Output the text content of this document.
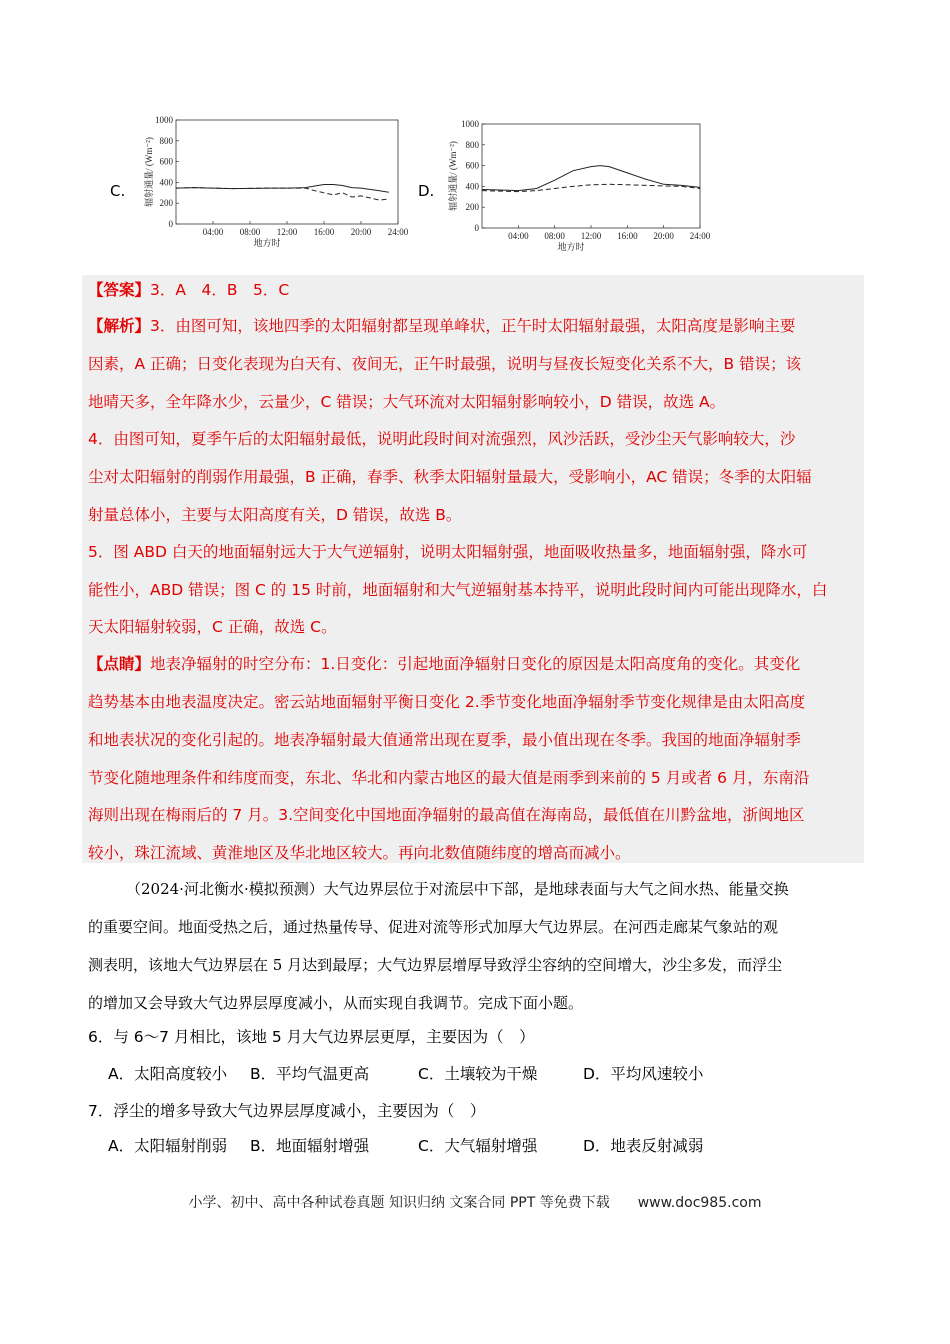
C.
0
200
400
600
800
1000
04:00 08:00 12:00 16:00 20:00 24:00
地方时
辐射通量/ (Wm⁻²)	D.
0
200
400
600
800
1000
04:00 08:00 12:00 16:00 20:00 24:00
地方时
辐射通量/ (Wm⁻²)
【答案】3．A　4．B　5．C
【解析】3．由图可知，该地四季的太阳辐射都呈现单峰状，正午时太阳辐射最强，太阳高度是影响主要
因素，A 正确；日变化表现为白天有、夜间无，正午时最强，说明与昼夜长短变化关系不大，B 错误；该
地晴天多，全年降水少，云量少，C 错误；大气环流对太阳辐射影响较小，D 错误，故选 A。
4．由图可知，夏季午后的太阳辐射最低，说明此段时间对流强烈，风沙活跃，受沙尘天气影响较大，沙
尘对太阳辐射的削弱作用最强，B 正确，春季、秋季太阳辐射量最大，受影响小，AC 错误；冬季的太阳辐
射量总体小，主要与太阳高度有关，D 错误，故选 B。
5．图 ABD 白天的地面辐射远大于大气逆辐射，说明太阳辐射强，地面吸收热量多，地面辐射强，降水可
能性小，ABD 错误；图 C 的 15 时前，地面辐射和大气逆辐射基本持平，说明此段时间内可能出现降水，白
天太阳辐射较弱，C 正确，故选 C。
【点睛】地表净辐射的时空分布：1.日变化：引起地面净辐射日变化的原因是太阳高度角的变化。其变化
趋势基本由地表温度决定。密云站地面辐射平衡日变化 2.季节变化地面净辐射季节变化规律是由太阳高度
和地表状况的变化引起的。地表净辐射最大值通常出现在夏季，最小值出现在冬季。我国的地面净辐射季
节变化随地理条件和纬度而变，东北、华北和内蒙古地区的最大值是雨季到来前的 5 月或者 6 月，东南沿
海则出现在梅雨后的 7 月。3.空间变化中国地面净辐射的最高值在海南岛，最低值在川黔盆地，浙闽地区
较小，珠江流域、黄淮地区及华北地区较大。再向北数值随纬度的增高而减小。
（2024·河北衡水·模拟预测）大气边界层位于对流层中下部，是地球表面与大气之间水热、能量交换
的重要空间。地面受热之后，通过热量传导、促进对流等形式加厚大气边界层。在河西走廊某气象站的观
测表明，该地大气边界层在 5 月达到最厚；大气边界层增厚导致浮尘容纳的空间增大，沙尘多发，而浮尘
的增加又会导致大气边界层厚度减小，从而实现自我调节。完成下面小题。
6．与 6～7 月相比，该地 5 月大气边界层更厚，主要因为（　）
A．太阳高度较小 B．平均气温更高	C．土壤较为干燥	D．平均风速较小
7．浮尘的增多导致大气边界层厚度减小，主要因为（　）
A．太阳辐射削弱 B．地面辐射增强	C．大气辐射增强	D．地表反射减弱
小学、初中、高中各种试卷真题 知识归纳 文案合同 PPT 等免费下载　　www.doc985.com
